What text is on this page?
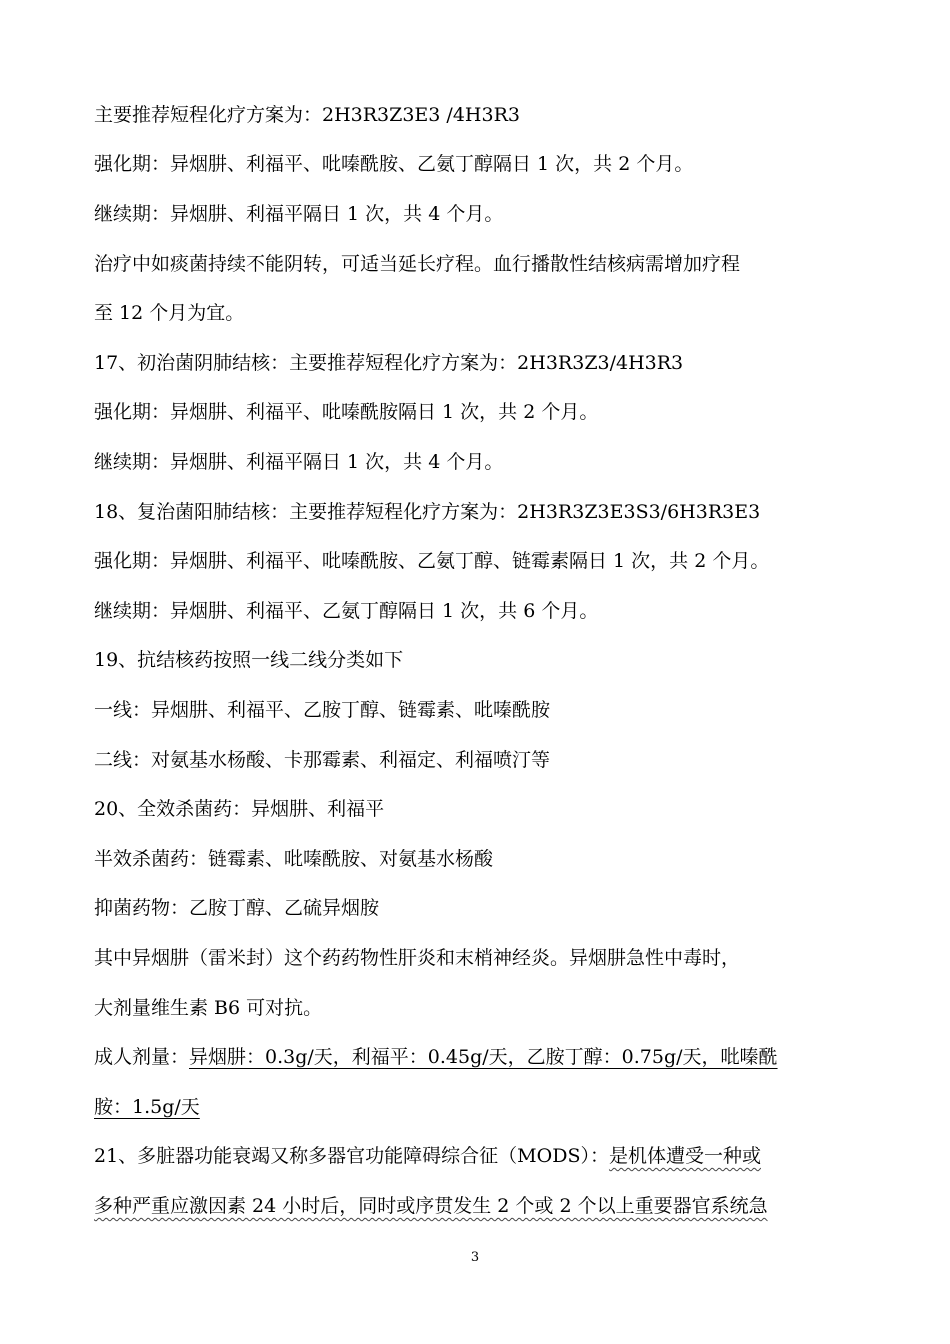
主要推荐短程化疗方案为：2H3R3Z3E3 /4H3R3
强化期：异烟肼、利福平、吡嗪酰胺、乙氨丁醇隔日 1 次，共 2 个月。
继续期：异烟肼、利福平隔日 1 次，共 4 个月。
治疗中如痰菌持续不能阴转，可适当延长疗程。血行播散性结核病需增加疗程
至 12 个月为宜。
17、初治菌阴肺结核：主要推荐短程化疗方案为：2H3R3Z3/4H3R3
强化期：异烟肼、利福平、吡嗪酰胺隔日 1 次，共 2 个月。
继续期：异烟肼、利福平隔日 1 次，共 4 个月。
18、复治菌阳肺结核：主要推荐短程化疗方案为：2H3R3Z3E3S3/6H3R3E3
强化期：异烟肼、利福平、吡嗪酰胺、乙氨丁醇、链霉素隔日 1 次，共 2 个月。
继续期：异烟肼、利福平、乙氨丁醇隔日 1 次，共 6 个月。
19、抗结核药按照一线二线分类如下
一线：异烟肼、利福平、乙胺丁醇、链霉素、吡嗪酰胺
二线：对氨基水杨酸、卡那霉素、利福定、利福喷汀等
20、全效杀菌药：异烟肼、利福平
半效杀菌药：链霉素、吡嗪酰胺、对氨基水杨酸
抑菌药物：乙胺丁醇、乙硫异烟胺
其中异烟肼（雷米封）这个药药物性肝炎和末梢神经炎。异烟肼急性中毒时，
大剂量维生素 B6 可对抗。
成人剂量：异烟肼：0.3g/天，利福平：0.45g/天，乙胺丁醇：0.75g/天，吡嗪酰
胺：1.5g/天
21、多脏器功能衰竭又称多器官功能障碍综合征（MODS）：是机体遭受一种或
多种严重应激因素 24 小时后，同时或序贯发生 2 个或 2 个以上重要器官系统急
3
